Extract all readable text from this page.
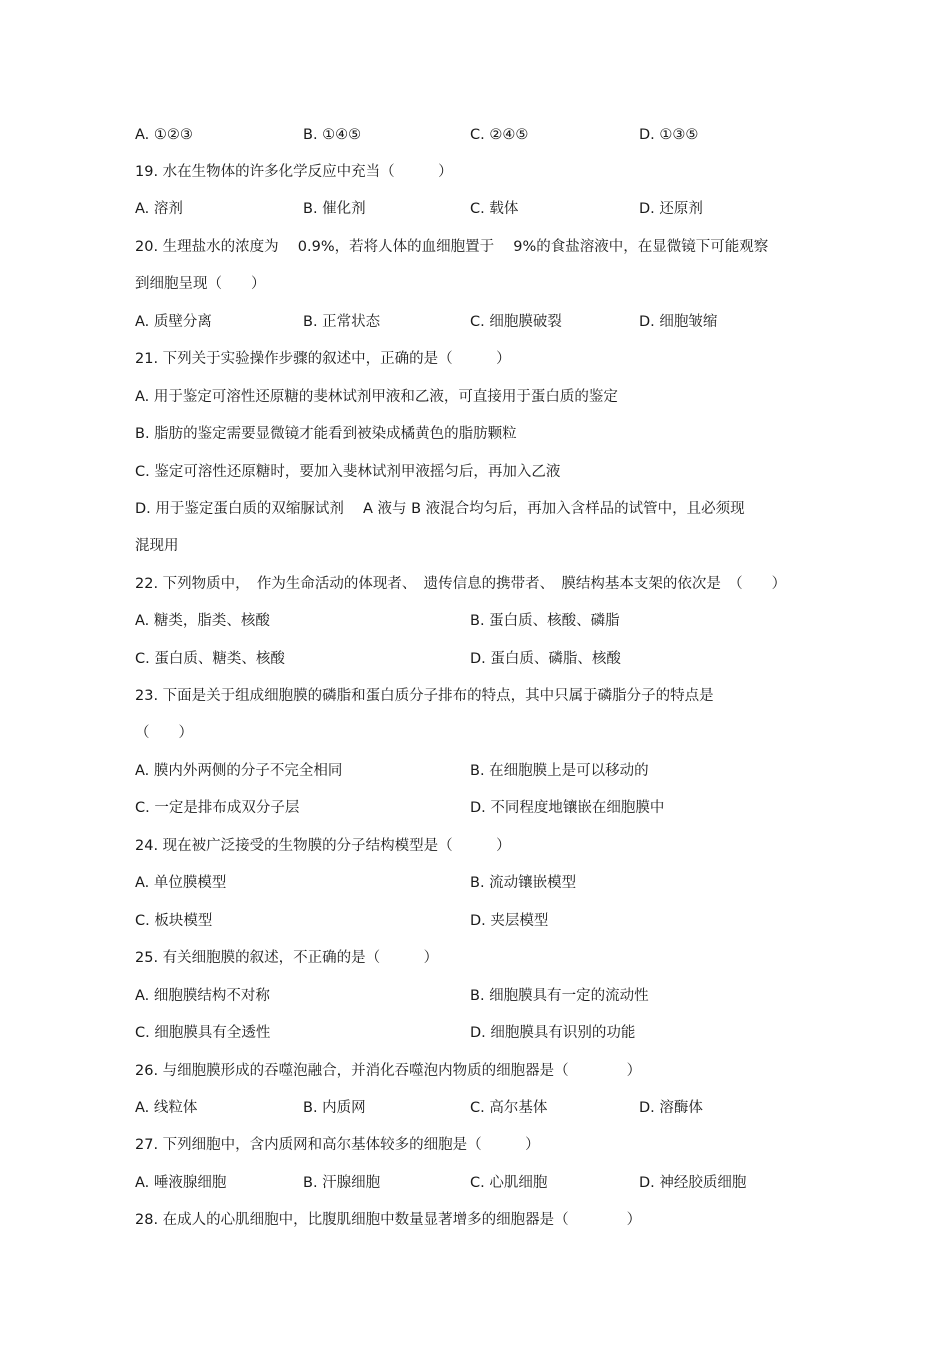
A. ①②③	B. ①④⑤	C. ②④⑤	D. ①③⑤
19. 水在生物体的许多化学反应中充当（　　　）
A. 溶剂	B. 催化剂	C. 载体	D. 还原剂
20. 生理盐水的浓度为　 0.9%，若将人体的血细胞置于　 9%的食盐溶液中，在显微镜下可能观察
到细胞呈现（　　）
A. 质壁分离	B. 正常状态	C. 细胞膜破裂	D. 细胞皱缩
21. 下列关于实验操作步骤的叙述中，正确的是（　　　）
A. 用于鉴定可溶性还原糖的斐林试剂甲液和乙液，可直接用于蛋白质的鉴定
B. 脂肪的鉴定需要显微镜才能看到被染成橘黄色的脂肪颗粒
C. 鉴定可溶性还原糖时，要加入斐林试剂甲液摇匀后，再加入乙液
D. 用于鉴定蛋白质的双缩脲试剂　 A 液与 B 液混合均匀后，再加入含样品的试管中，且必须现
混现用
22. 下列物质中，　作为生命活动的体现者、　遗传信息的携带者、　膜结构基本支架的依次是　（　　）
A. 糖类，脂类、核酸	B. 蛋白质、核酸、磷脂
C. 蛋白质、糖类、核酸	D. 蛋白质、磷脂、核酸
23. 下面是关于组成细胞膜的磷脂和蛋白质分子排布的特点，其中只属于磷脂分子的特点是
（　　）
A. 膜内外两侧的分子不完全相同	B. 在细胞膜上是可以移动的
C. 一定是排布成双分子层	D. 不同程度地镶嵌在细胞膜中
24. 现在被广泛接受的生物膜的分子结构模型是（　　　）
A. 单位膜模型	B. 流动镶嵌模型
C. 板块模型	D. 夹层模型
25. 有关细胞膜的叙述，不正确的是（　　　）
A. 细胞膜结构不对称	B. 细胞膜具有一定的流动性
C. 细胞膜具有全透性	D. 细胞膜具有识别的功能
26. 与细胞膜形成的吞噬泡融合，并消化吞噬泡内物质的细胞器是（　　　　）
A. 线粒体	B. 内质网	C. 高尔基体	D. 溶酶体
27. 下列细胞中，含内质网和高尔基体较多的细胞是（　　　）
A. 唾液腺细胞	B. 汗腺细胞	C. 心肌细胞	D. 神经胶质细胞
28. 在成人的心肌细胞中，比腹肌细胞中数量显著增多的细胞器是（　　　　）
